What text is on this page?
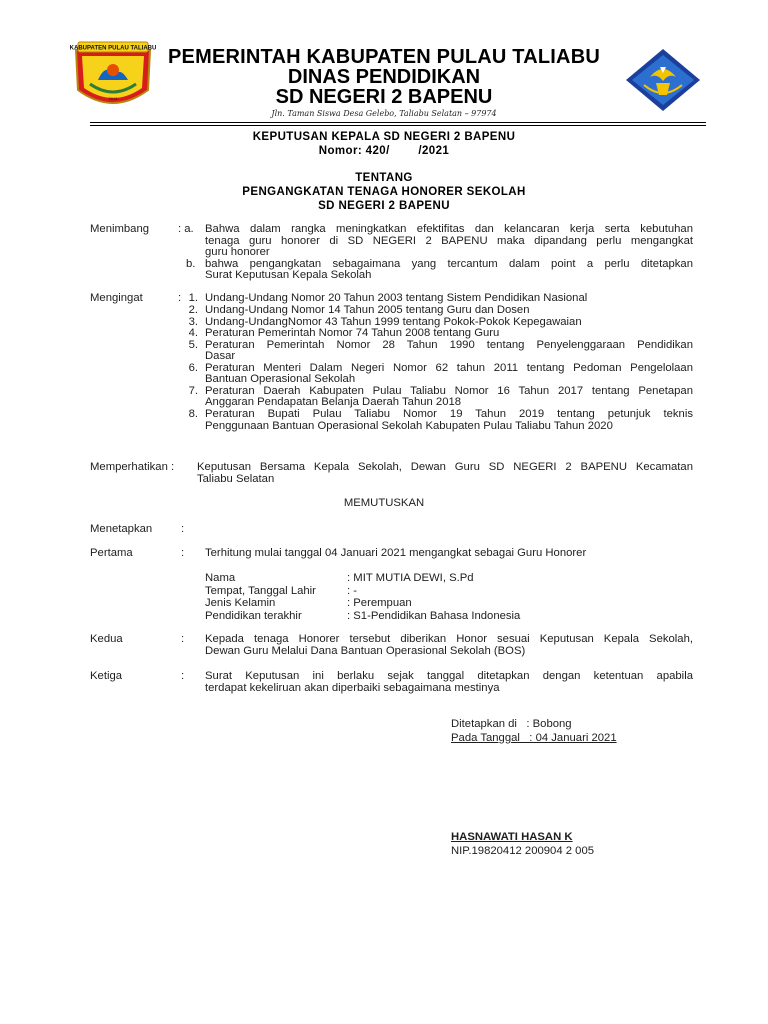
KABUPATEN PULAU TALIABU
2013
PEMERINTAH KABUPATEN PULAU TALIABU
DINAS PENDIDIKAN
SD NEGERI 2 BAPENU
Jln. Taman Siswa Desa Gelebo, Taliabu Selatan – 97974
KEPUTUSAN KEPALA SD NEGERI 2 BAPENU
Nomor: 420/        /2021
TENTANG
PENGANGKATAN TENAGA HONORER SEKOLAH
SD NEGERI 2 BAPENU
Menimbang	: a. Bahwa dalam rangka meningkatkan efektifitas dan kelancaran kerja serta kebutuhan
tenaga guru honorer di SD NEGERI 2 BAPENU maka dipandang perlu mengangkat
guru honorer
b. bahwa pengangkatan sebagaimana yang tercantum dalam point a perlu ditetapkan
Surat Keputusan Kepala Sekolah
Mengingat	: 1. Undang-Undang Nomor 20 Tahun 2003 tentang Sistem Pendidikan Nasional
2. Undang-Undang Nomor 14 Tahun 2005 tentang Guru dan Dosen
3. Undang-UndangNomor 43 Tahun 1999 tentang Pokok-Pokok Kepegawaian
4. Peraturan Pemerintah Nomor 74 Tahun 2008 tentang Guru
5. Peraturan Pemerintah Nomor 28 Tahun 1990 tentang Penyelenggaraan Pendidikan
Dasar
6. Peraturan Menteri Dalam Negeri Nomor 62 tahun 2011 tentang Pedoman Pengelolaan
Bantuan Operasional Sekolah
7. Peraturan Daerah Kabupaten Pulau Taliabu Nomor 16 Tahun 2017 tentang Penetapan
Anggaran Pendapatan Belanja Daerah Tahun 2018
8. Peraturan Bupati Pulau Taliabu Nomor 19 Tahun 2019 tentang petunjuk teknis
Penggunaan Bantuan Operasional Sekolah Kabupaten Pulau Taliabu Tahun 2020
Memperhatikan : Keputusan Bersama Kepala Sekolah, Dewan Guru SD NEGERI 2 BAPENU Kecamatan
Taliabu Selatan
MEMUTUSKAN
Menetapkan	:
Pertama	: Terhitung mulai tanggal 04 Januari 2021 mengangkat sebagai Guru Honorer
Nama	: MIT MUTIA DEWI, S.Pd
Tempat, Tanggal Lahir	: -
Jenis Kelamin	: Perempuan
Pendidikan terakhir	: S1-Pendidikan Bahasa Indonesia
Kedua	: Kepada tenaga Honorer tersebut diberikan Honor sesuai Keputusan Kepala Sekolah,
Dewan Guru Melalui Dana Bantuan Operasional Sekolah (BOS)
Ketiga	: Surat Keputusan ini berlaku sejak tanggal ditetapkan dengan ketentuan apabila
terdapat kekeliruan akan diperbaiki sebagaimana mestinya
Ditetapkan di   : Bobong
Pada Tanggal   : 04 Januari 2021
HASNAWATI HASAN K
NIP.19820412 200904 2 005
